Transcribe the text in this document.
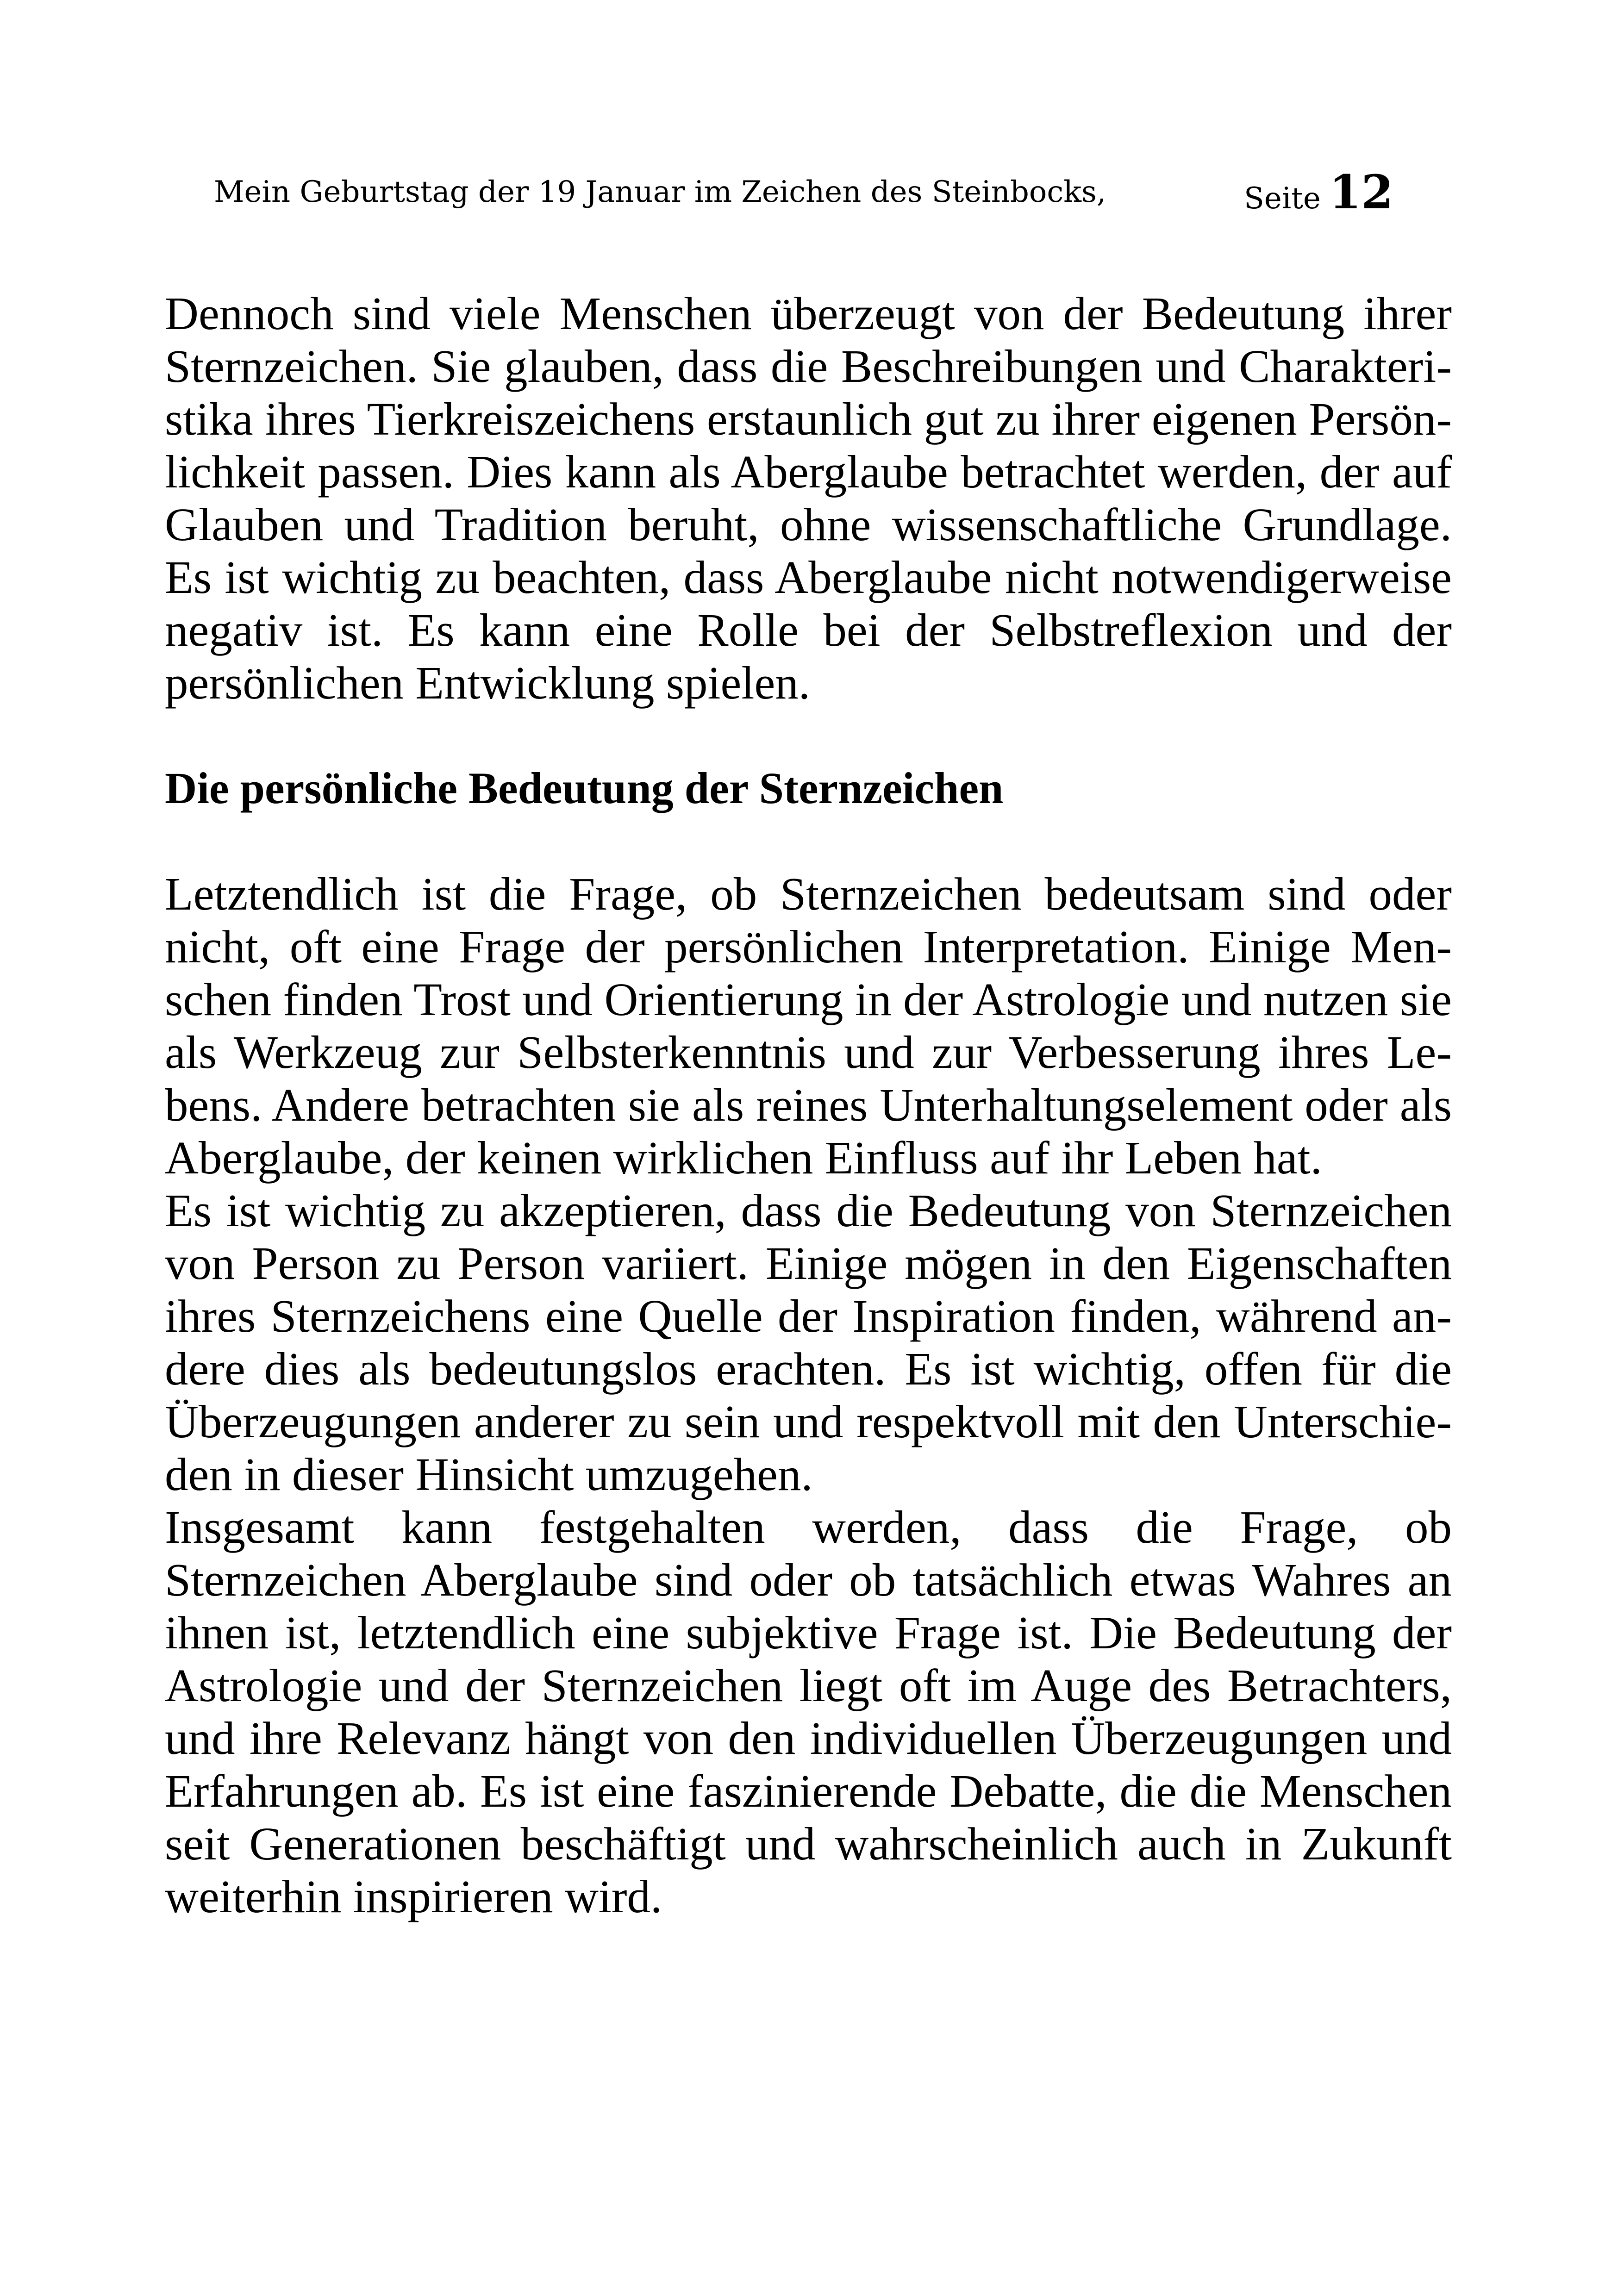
Mein Geburtstag der 19 Januar im Zeichen des Steinbocks,	Seite 12

Dennoch sind viele Menschen überzeugt von der Bedeutung ihrer Sternzeichen. Sie glauben, dass die Beschreibungen und Charakteristika ihres Tierkreiszeichens erstaunlich gut zu ihrer eigenen Persönlichkeit passen. Dies kann als Aberglaube betrachtet werden, der auf Glauben und Tradition beruht, ohne wissenschaftliche Grundlage. Es ist wichtig zu beachten, dass Aberglaube nicht notwendigerweise negativ ist. Es kann eine Rolle bei der Selbstreflexion und der persönlichen Entwicklung spielen.

Die persönliche Bedeutung der Sternzeichen

Letztendlich ist die Frage, ob Sternzeichen bedeutsam sind oder nicht, oft eine Frage der persönlichen Interpretation. Einige Menschen finden Trost und Orientierung in der Astrologie und nutzen sie als Werkzeug zur Selbsterkenntnis und zur Verbesserung ihres Lebens. Andere betrachten sie als reines Unterhaltungselement oder als Aberglaube, der keinen wirklichen Einfluss auf ihr Leben hat.

Es ist wichtig zu akzeptieren, dass die Bedeutung von Sternzeichen von Person zu Person variiert. Einige mögen in den Eigenschaften ihres Sternzeichens eine Quelle der Inspiration finden, während andere dies als bedeutungslos erachten. Es ist wichtig, offen für die Überzeugungen anderer zu sein und respektvoll mit den Unterschieden in dieser Hinsicht umzugehen.

Insgesamt kann festgehalten werden, dass die Frage, ob Sternzeichen Aberglaube sind oder ob tatsächlich etwas Wahres an ihnen ist, letztendlich eine subjektive Frage ist. Die Bedeutung der Astrologie und der Sternzeichen liegt oft im Auge des Betrachters, und ihre Relevanz hängt von den individuellen Überzeugungen und Erfahrungen ab. Es ist eine faszinierende Debatte, die die Menschen seit Generationen beschäftigt und wahrscheinlich auch in Zukunft weiterhin inspirieren wird.
